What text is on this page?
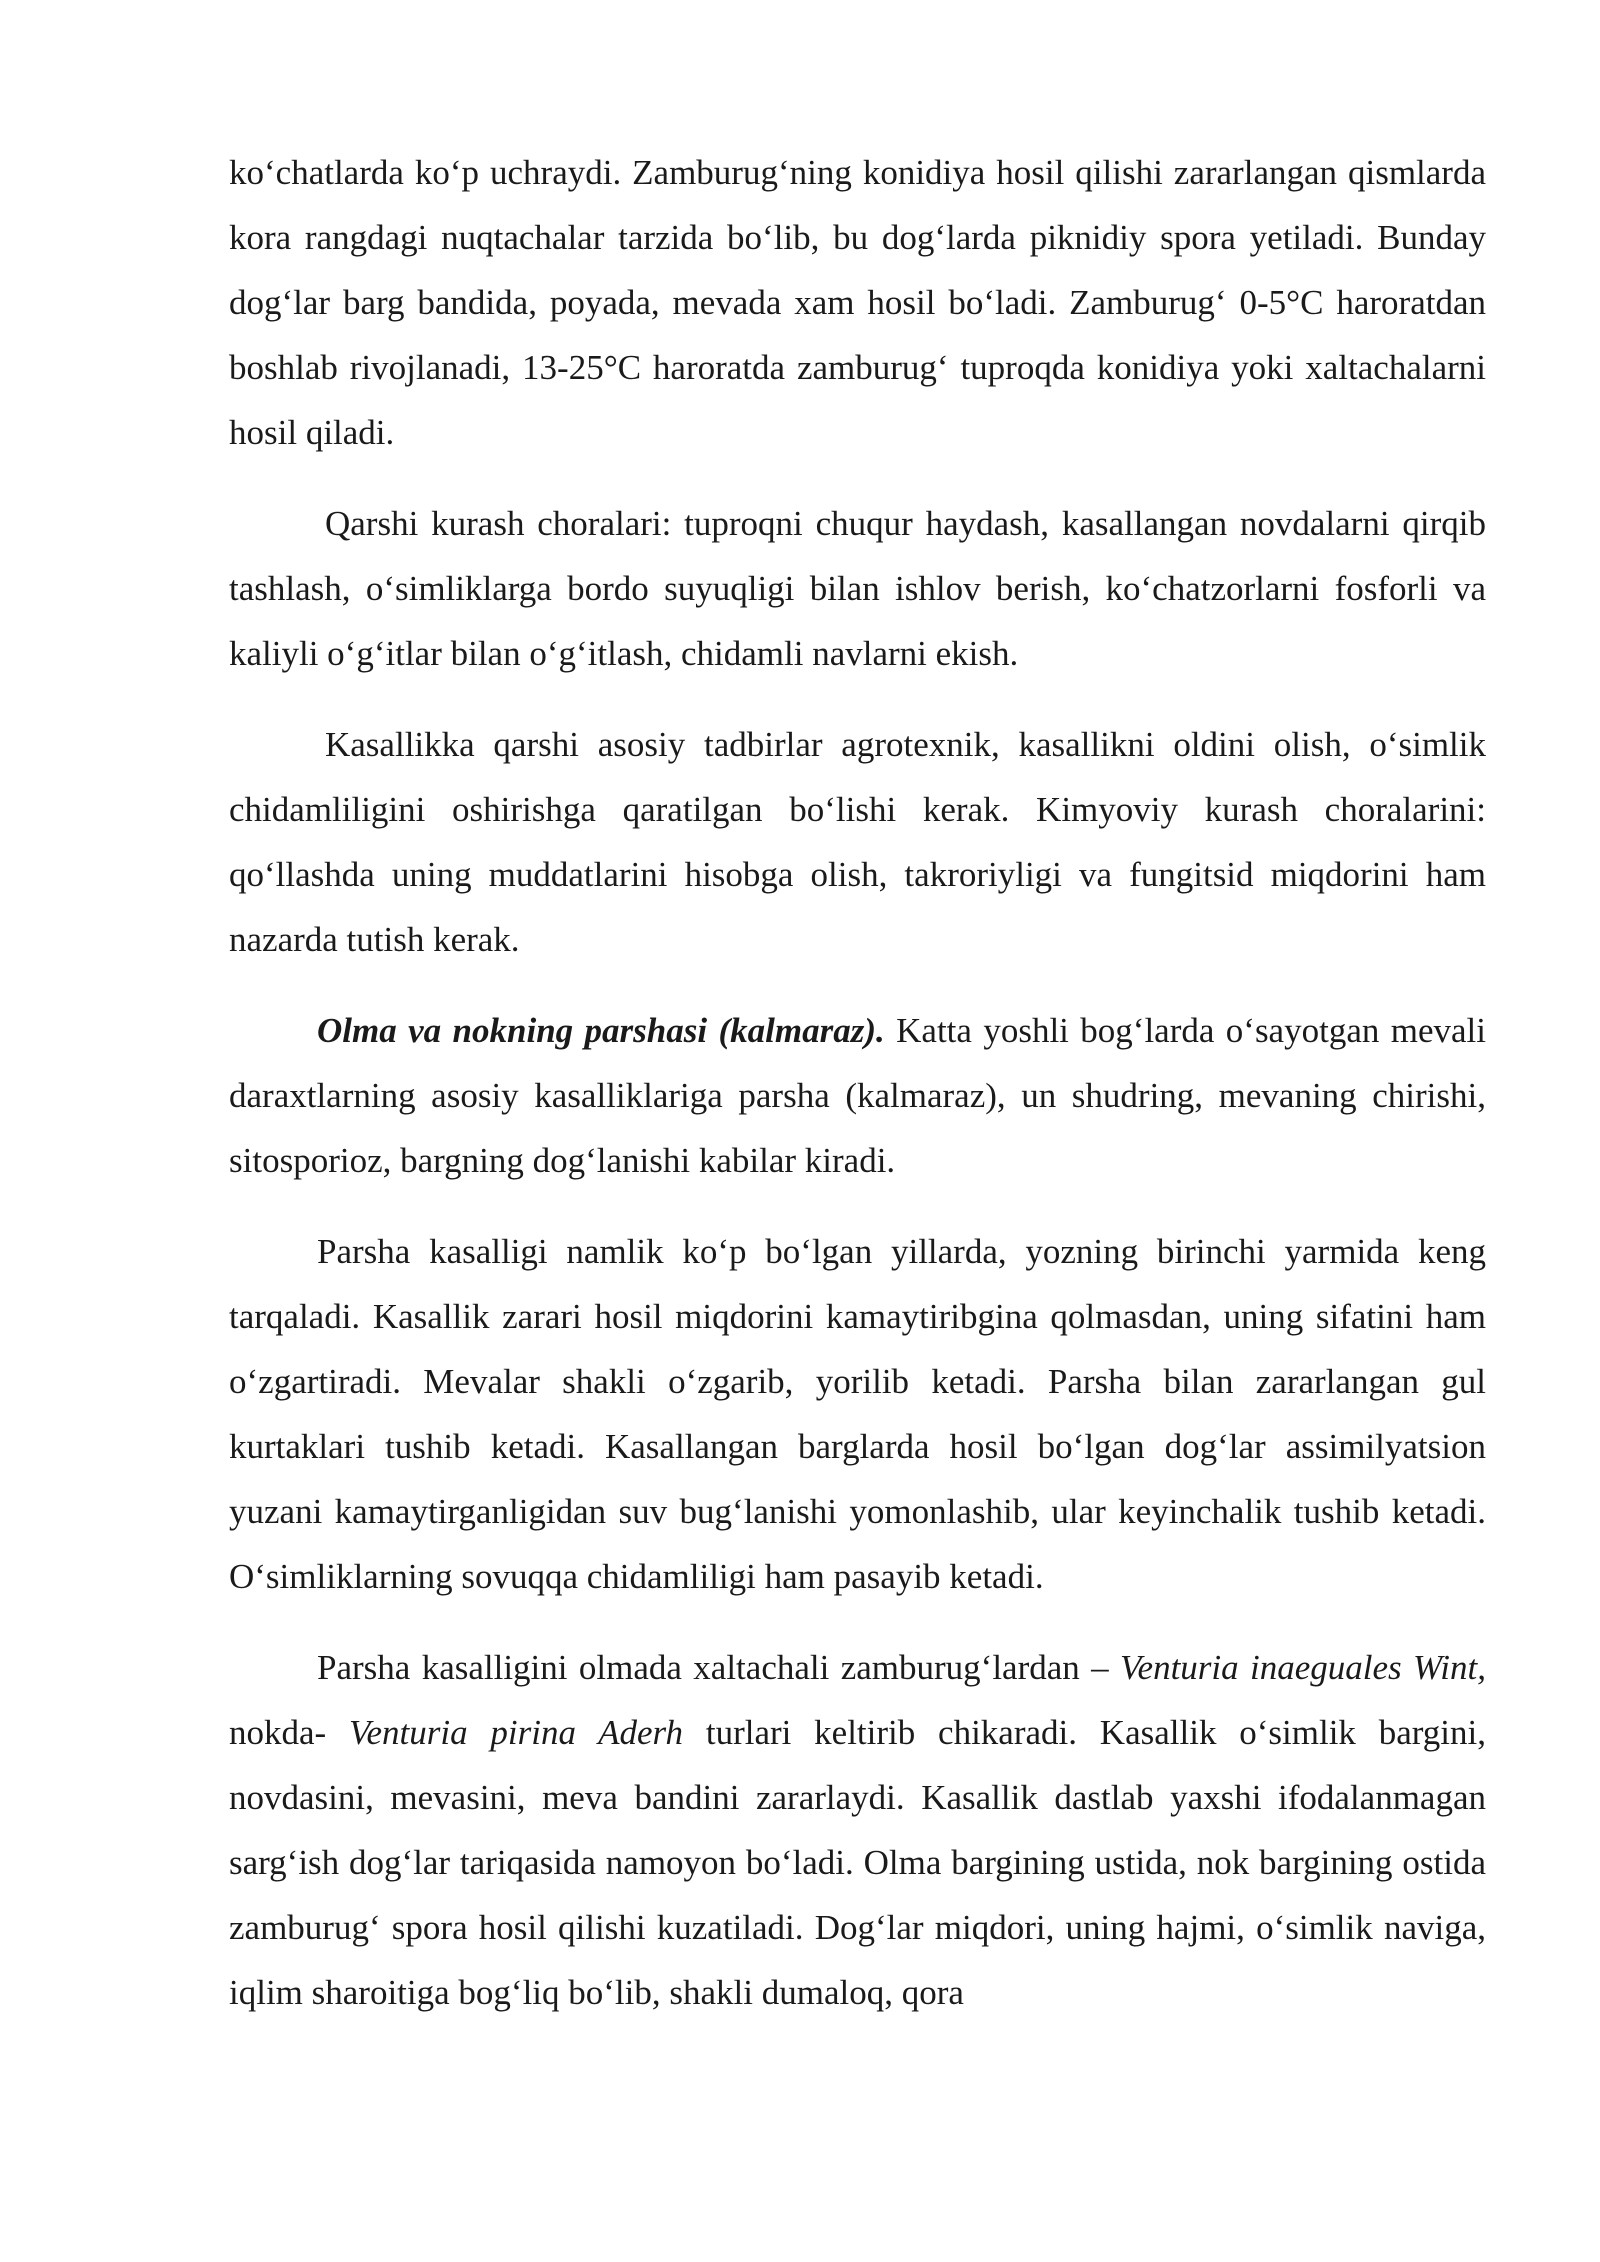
ko‘chatlarda ko‘p uchraydi. Zamburug‘ning konidiya hosil qilishi zararlangan qismlarda kora rangdagi nuqtachalar tarzida bo‘lib, bu dog‘larda piknidiy spora yetiladi. Bunday dog‘lar barg bandida, poyada, mevada xam hosil bo‘ladi. Zamburug‘ 0-5°C haroratdan boshlab rivojlanadi, 13-25°C haroratda zamburug‘ tuproqda konidiya yoki xaltachalarni hosil qiladi.

Qarshi kurash choralari: tuproqni chuqur haydash, kasallangan novdalarni qirqib tashlash, o‘simliklarga bordo suyuqligi bilan ishlov berish, ko‘chatzorlarni fosforli va kaliyli o‘g‘itlar bilan o‘g‘itlash, chidamli navlarni ekish.

Kasallikka qarshi asosiy tadbirlar agrotexnik, kasallikni oldini olish, o‘simlik chidamliligini oshirishga qaratilgan bo‘lishi kerak. Kimyoviy kurash choralarini: qo‘llashda uning muddatlarini hisobga olish, takroriyligi va fungitsid miqdorini ham nazarda tutish kerak.

Olma va nokning parshasi (kalmaraz). Katta yoshli bog‘larda o‘sayotgan mevali daraxtlarning asosiy kasalliklariga parsha (kalmaraz), un shudring, mevaning chirishi, sitosporioz, bargning dog‘lanishi kabilar kiradi.

Parsha kasalligi namlik ko‘p bo‘lgan yillarda, yozning birinchi yarmida keng tarqaladi. Kasallik zarari hosil miqdorini kamaytiribgina qolmasdan, uning sifatini ham o‘zgartiradi. Mevalar shakli o‘zgarib, yorilib ketadi. Parsha bilan zararlangan gul kurtaklari tushib ketadi. Kasallangan barglarda hosil bo‘lgan dog‘lar assimilyatsion yuzani kamaytirganligidan suv bug‘lanishi yomonlashib, ular keyinchalik tushib ketadi. O‘simliklarning sovuqqa chidamliligi ham pasayib ketadi.

Parsha kasalligini olmada xaltachali zamburug‘lardan – Venturia inaeguales Wint, nokda- Venturia pirina Aderh turlari keltirib chikaradi. Kasallik o‘simlik bargini, novdasini, mevasini, meva bandini zararlaydi. Kasallik dastlab yaxshi ifodalanmagan sarg‘ish dog‘lar tariqasida namoyon bo‘ladi. Olma bargining ustida, nok bargining ostida zamburug‘ spora hosil qilishi kuzatiladi. Dog‘lar miqdori, uning hajmi, o‘simlik naviga, iqlim sharoitiga bog‘liq bo‘lib, shakli dumaloq, qora
